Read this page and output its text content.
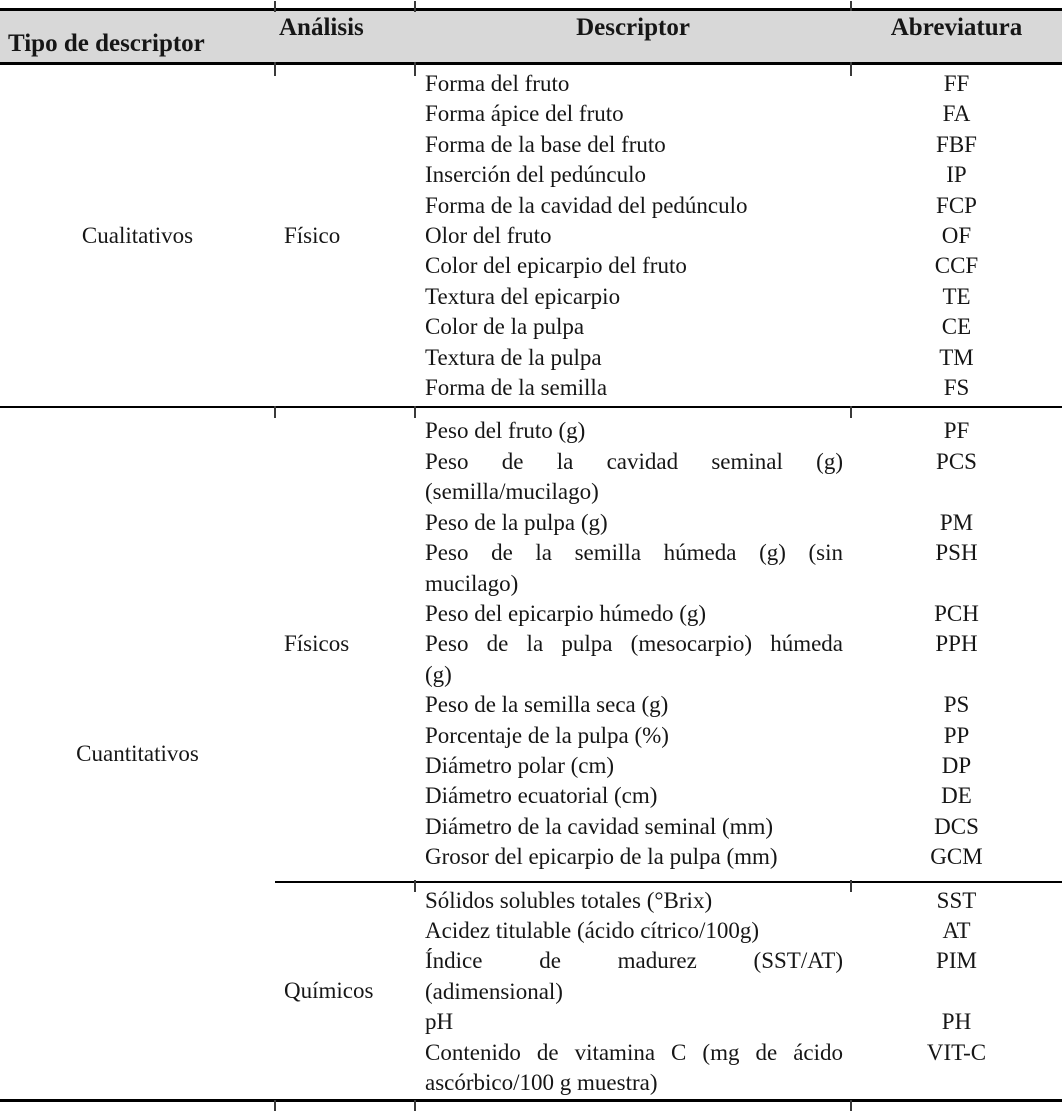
Tipo de descriptor	Análisis	Descriptor	Abreviatura
Cualitativos	Físico	Forma del fruto	FF

		Forma ápice del fruto	FA

		Forma de la base del fruto	FBF

		Inserción del pedúnculo	IP

		Forma de la cavidad del pedúnculo	FCP

		Olor del fruto	OF

		Color del epicarpio del fruto	CCF

		Textura del epicarpio	TE

		Color de la pulpa	CE

		Textura de la pulpa	TM

		Forma de la semilla	FS
Cuantitativos	Físicos	Peso del fruto (g)	PF

		Peso de la cavidad seminal (g)
(semilla/mucilago)	PCS

		Peso de la pulpa (g)	PM

		Peso de la semilla húmeda (g) (sin
mucilago)	PSH

		Peso del epicarpio húmedo (g)	PCH

		Peso de la pulpa (mesocarpio) húmeda
(g)	PPH

		Peso de la semilla seca (g)	PS

		Porcentaje de la pulpa (%)	PP

		Diámetro polar (cm)	DP

		Diámetro ecuatorial (cm)	DE

		Diámetro de la cavidad seminal (mm)	DCS

		Grosor del epicarpio de la pulpa (mm)	GCM
	Químicos	Sólidos solubles totales (°Brix)	SST

		Acidez titulable (ácido cítrico/100g)	AT

		Índice de madurez (SST/AT)
(adimensional)	PIM

		pH	PH

		Contenido de vitamina C (mg de ácido
ascórbico/100 g muestra)	VIT-C
